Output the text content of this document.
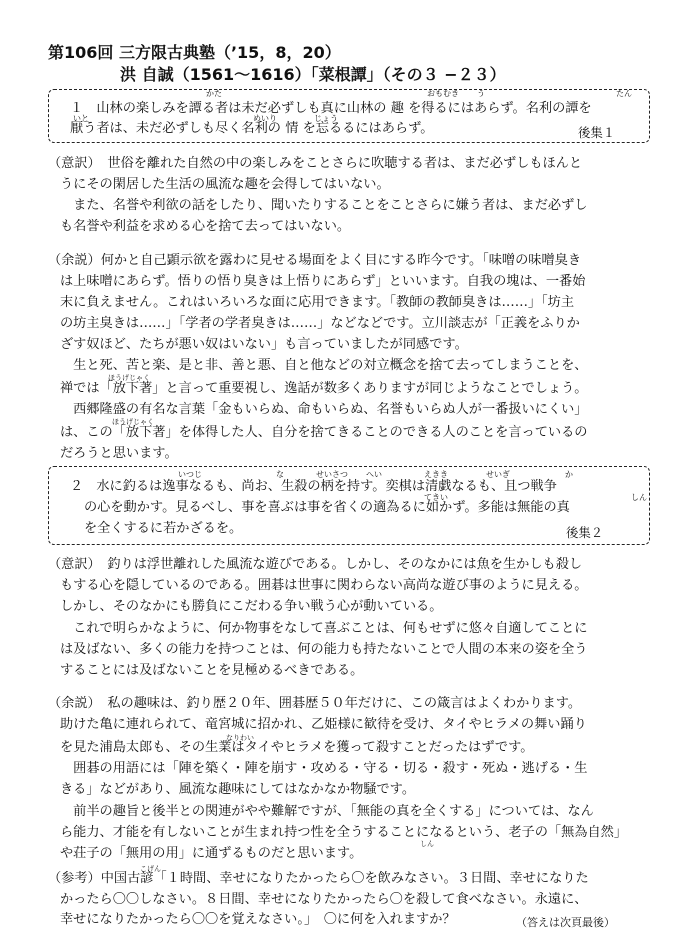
第106回 三方限古典塾（’15，8，20）
洪 自誠（1561〜1616）「菜根譚」（その３ −２３）
１　山林の楽しみを譚る者は未だ必ずしも真に山林の 趣 を得るにはあらず。名利の譚を
厭う者は、未だ必ずしも尽く名利の 情 を忘るるにはあらず。	後集１
かた	おもむき う	たん
いと	めいり	じょう
（意訳）　世俗を離れた自然の中の楽しみをことさらに吹聴する者は、まだ必ずしもほんと
うにその閑居した生活の風流な趣を会得してはいない。
　また、名誉や利欲の話をしたり、聞いたりすることをことさらに嫌う者は、まだ必ずし
も名誉や利益を求める心を捨て去ってはいない。
（余説）何かと自己顕示欲を露わに見せる場面をよく目にする昨今です。「味噌の味噌臭き
は上味噌にあらず。悟りの悟り臭きは上悟りにあらず」といいます。自我の塊は、一番始
末に負えません。これはいろいろな面に応用できます。「教師の教師臭きは……」「坊主
の坊主臭きは……」「学者の学者臭きは……」などなどです。立川談志が「正義をふりか
ざす奴ほど、たちが悪い奴はいない」も言っていましたが同感です。
　生と死、苦と楽、是と非、善と悪、自と他などの対立概念を捨て去ってしまうことを、
禅では「放下著」と言って重要視し、逸話が数多くありますが同じようなことでしょう。
　西郷隆盛の有名な言葉「金もいらぬ、命もいらぬ、名誉もいらぬ人が一番扱いにくい」
は、この「放下著」を体得した人、自分を捨てきることのできる人のことを言っているの
だろうと思います。
ほうげじゃく
ほうげじゃく
２　水に釣るは逸事なるも、尚お、生殺の柄を持す。奕棋は清戯なるも、且つ戦争
の心を動かす。見るべし、事を喜ぶは事を省くの適為るに如かず。多能は無能の真
を全くするに若かざるを。	後集２
いつじ	な	せいさつ へい	えきき	せいぎ	か
てきい	しん
（意訳）　釣りは浮世離れした風流な遊びである。しかし、そのなかには魚を生かしも殺し
もする心を隠しているのである。囲碁は世事に関わらない高尚な遊び事のように見える。
しかし、そのなかにも勝負にこだわる争い戦う心が動いている。
　これで明らかなように、何か物事をなして喜ぶことは、何もせずに悠々自適してことに
は及ばない、多くの能力を持つことは、何の能力も持たないことで人間の本来の姿を全う
することには及ばないことを見極めるべきである。
（余説）　私の趣味は、釣り歴２０年、囲碁歴５０年だけに、この箴言はよくわかります。
助けた亀に連れられて、竜宮城に招かれ、乙姫様に歓待を受け、タイやヒラメの舞い踊り
を見た浦島太郎も、その生業はタイやヒラメを獲って殺すことだったはずです。
　囲碁の用語には「陣を築く・陣を崩す・攻める・守る・切る・殺す・死ぬ・逃げる・生
きる」などがあり、風流な趣味にしてはなかなか物騒です。
　前半の趣旨と後半との関連がやや難解ですが、「無能の真を全くする」については、なん
ら能力、才能を有しないことが生まれ持つ性を全うすることになるという、老子の「無為自然」
や荘子の「無用の用」に通ずるものだと思います。
なりわい
しん
（参考）中国古諺「１時間、幸せになりたかったら〇を飲みなさい。３日間、幸せになりた
かったら〇〇しなさい。８日間、幸せになりたかったら〇を殺して食べなさい。永遠に、
幸せになりたかったら〇〇を覚えなさい。」　〇に何を入れますか？	（答えは次頁最後）
こげん
